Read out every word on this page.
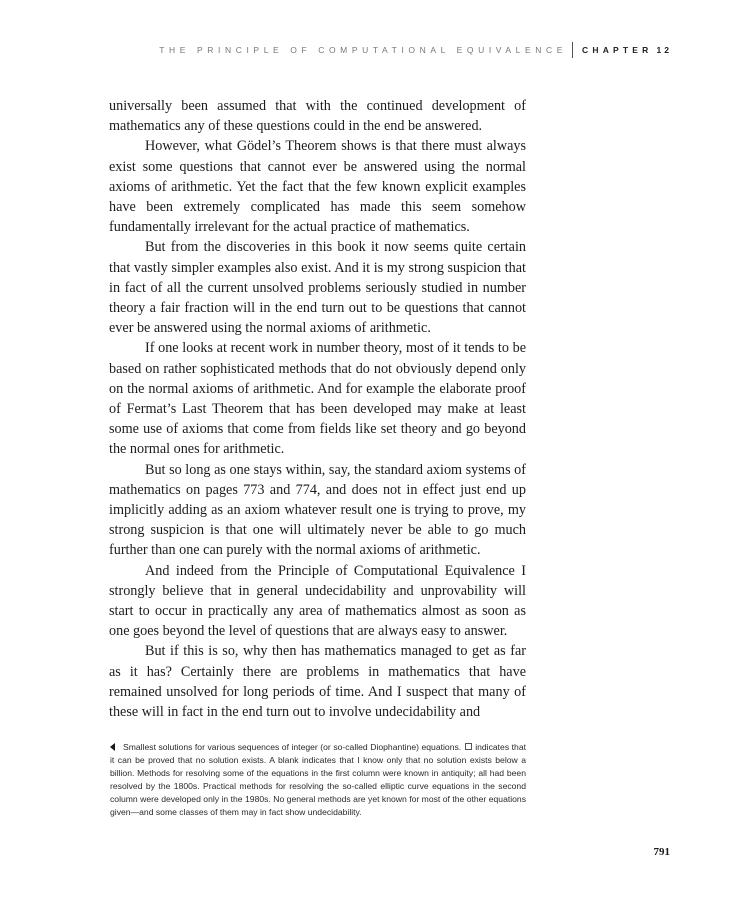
THE PRINCIPLE OF COMPUTATIONAL EQUIVALENCE CHAPTER 12

universally been assumed that with the continued development of mathematics any of these questions could in the end be answered.

However, what Gödel’s Theorem shows is that there must always exist some questions that cannot ever be answered using the normal axioms of arithmetic. Yet the fact that the few known explicit examples have been extremely complicated has made this seem somehow fundamentally irrelevant for the actual practice of mathematics.

But from the discoveries in this book it now seems quite certain that vastly simpler examples also exist. And it is my strong suspicion that in fact of all the current unsolved problems seriously studied in number theory a fair fraction will in the end turn out to be questions that cannot ever be answered using the normal axioms of arithmetic.

If one looks at recent work in number theory, most of it tends to be based on rather sophisticated methods that do not obviously depend only on the normal axioms of arithmetic. And for example the elaborate proof of Fermat’s Last Theorem that has been developed may make at least some use of axioms that come from fields like set theory and go beyond the normal ones for arithmetic.

But so long as one stays within, say, the standard axiom systems of mathematics on pages 773 and 774, and does not in effect just end up implicitly adding as an axiom whatever result one is trying to prove, my strong suspicion is that one will ultimately never be able to go much further than one can purely with the normal axioms of arithmetic.

And indeed from the Principle of Computational Equivalence I strongly believe that in general undecidability and unprovability will start to occur in practically any area of mathematics almost as soon as one goes beyond the level of questions that are always easy to answer.

But if this is so, why then has mathematics managed to get as far as it has? Certainly there are problems in mathematics that have remained unsolved for long periods of time. And I suspect that many of these will in fact in the end turn out to involve undecidability and

Smallest solutions for various sequences of integer (or so-called Diophantine) equations. indicates that it can be proved that no solution exists. A blank indicates that I know only that no solution exists below a billion. Methods for resolving some of the equations in the first column were known in antiquity; all had been resolved by the 1800s. Practical methods for resolving the so-called elliptic curve equations in the second column were developed only in the 1980s. No general methods are yet known for most of the other equations given—and some classes of them may in fact show undecidability.
791
